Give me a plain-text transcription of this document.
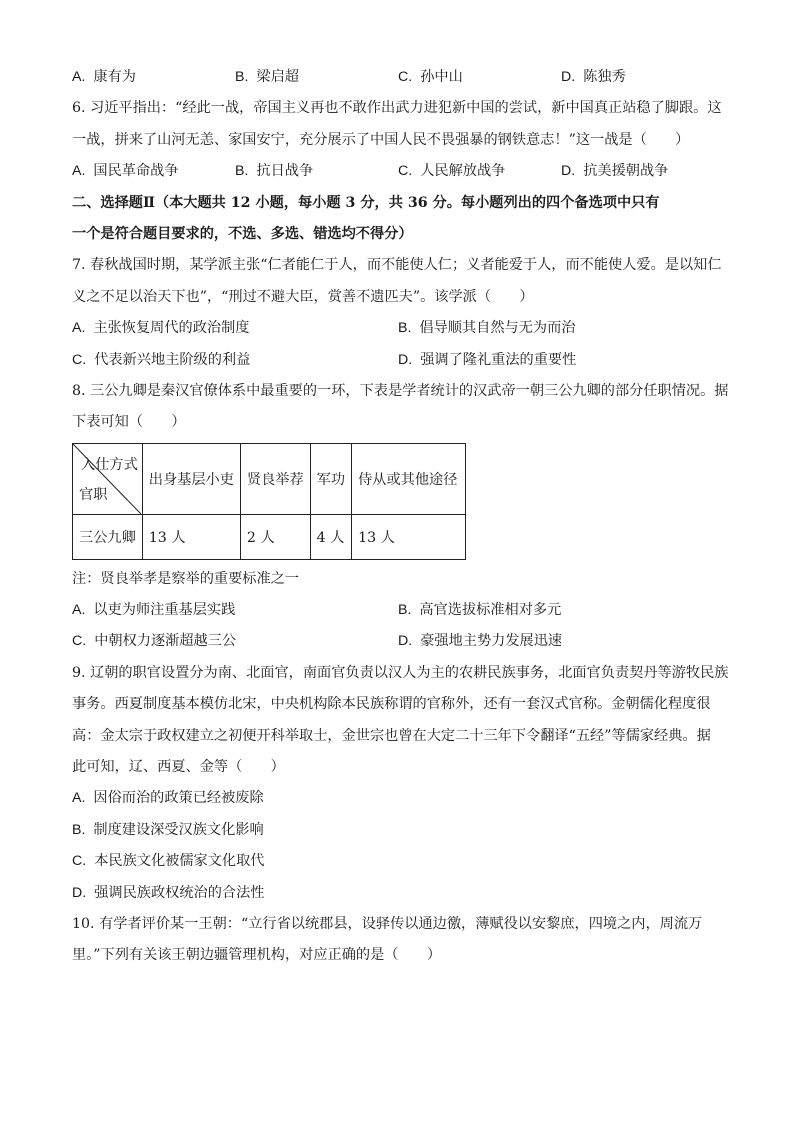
A. 康有为	B. 梁启超	C. 孙中山	D. 陈独秀
6. 习近平指出：“经此一战，帝国主义再也不敢作出武力进犯新中国的尝试，新中国真正站稳了脚跟。这
一战，拼来了山河无恙、家国安宁，充分展示了中国人民不畏强暴的钢铁意志！”这一战是（　　）
A. 国民革命战争	B. 抗日战争	C. 人民解放战争	D. 抗美援朝战争
二、选择题Ⅱ（本大题共 12 小题，每小题 3 分，共 36 分。每小题列出的四个备选项中只有
一个是符合题目要求的，不选、多选、错选均不得分）
7. 春秋战国时期，某学派主张“仁者能仁于人，而不能使人仁；义者能爱于人，而不能使人爱。是以知仁
义之不足以治天下也”，“刑过不避大臣，赏善不遗匹夫”。该学派（　　）
A. 主张恢复周代的政治制度	B. 倡导顺其自然与无为而治
C. 代表新兴地主阶级的利益	D. 强调了隆礼重法的重要性
8. 三公九卿是秦汉官僚体系中最重要的一环，下表是学者统计的汉武帝一朝三公九卿的部分任职情况。据
下表可知（　　）
入仕方式
官职	出身基层小吏	贤良举荐	军功	侍从或其他途径
三公九卿	13 人	2 人	4 人	13 人
注：贤良举孝是察举的重要标准之一
A. 以吏为师注重基层实践	B. 高官选拔标准相对多元
C. 中朝权力逐渐超越三公	D. 豪强地主势力发展迅速
9. 辽朝的职官设置分为南、北面官，南面官负责以汉人为主的农耕民族事务，北面官负责契丹等游牧民族
事务。西夏制度基本模仿北宋，中央机构除本民族称谓的官称外，还有一套汉式官称。金朝儒化程度很
高：金太宗于政权建立之初便开科举取士，金世宗也曾在大定二十三年下令翻译“五经”等儒家经典。据
此可知，辽、西夏、金等（　　）
A. 因俗而治的政策已经被废除
B. 制度建设深受汉族文化影响
C. 本民族文化被儒家文化取代
D. 强调民族政权统治的合法性
10. 有学者评价某一王朝：“立行省以统郡县，设驿传以通边徼，薄赋役以安黎庶，四境之内，周流万
里。”下列有关该王朝边疆管理机构，对应正确的是（　　）
